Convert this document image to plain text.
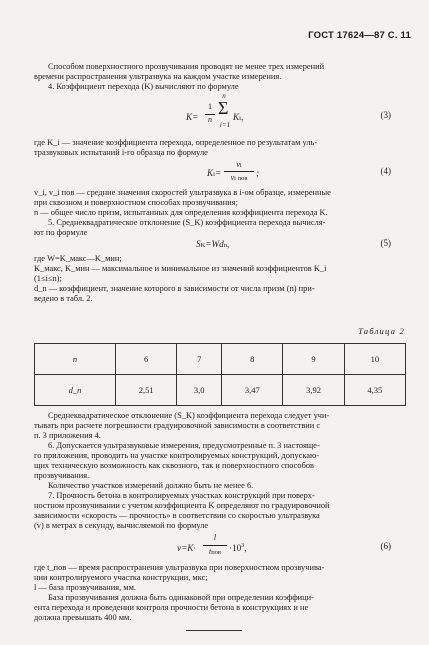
ГОСТ 17624—87 С. 11
Способом поверхностного прозвучивания проводят не менее трех измерений
времени распространения ультразвука на каждом участке измерения.
4. Коэффициент перехода (K) вычисляют по формуле
K=
1
n
n
Σ
i=1
Ki,	(3)
где K_i — значение коэффициента перехода, определенное по результатам уль-
тразвуковых испытаний i-го образца по формуле
Ki=
vi
vi пов
;	(4)
v_i, v_i пов — средние значения скоростей ультразвука в i-ом образце, измеренные
при сквозном и поверхностном способах прозвучивания;
n — общее число призм, испытанных для определения коэффициента перехода K.
5. Среднеквадратическое отклонение (S_K) коэффициента перехода вычисля-
ют по формуле
SK=Wdn,	(5)
где W=K_макс—K_мин;
K_макс, K_мин — максимальное и минимальное из значений коэффициентов K_i
(1≤i≤n);
d_n — коэффициент, значение которого в зависимости от числа призм (n) при-
ведено в табл. 2.
Таблица 2
n	6	7	8	9	10
d_n	2,51	3,0	3,47	3,92	4,35
Среднеквадратическое отклонение (S_K) коэффициента перехода следует учи-
тывать при расчете погрешности градуировочной зависимости в соответствии с
п. 3 приложения 4.
6. Допускается ультразвуковые измерения, предусмотренные п. 3 настояще-
го приложения, проводить на участке контролируемых конструкций, допускаю-
щих техническую возможность как сквозного, так и поверхностного способов
прозвучивания.
Количество участков измерений должно быть не менее 6.
7. Прочность бетона в контролируемых участках конструкций при поверх-
ностном прозвучивании с учетом коэффициента K определяют по градуировочной
зависимости «скорость — прочность» в соответствии со скоростью ультразвука
(v) в метрах в секунду, вычисляемой по формуле
v=K·
l
tпов $\cdot 10^3$,	(6)
где t_пов — время распространения ультразвука при поверхностном прозвучива-
нии контролируемого участка конструкции, мкс;
l — база прозвучивания, мм.
База прозвучивания должна быть одинаковой при определении коэффици-
ента перехода и проведении контроля прочности бетона в конструкциях и не
должна превышать 400 мм.
